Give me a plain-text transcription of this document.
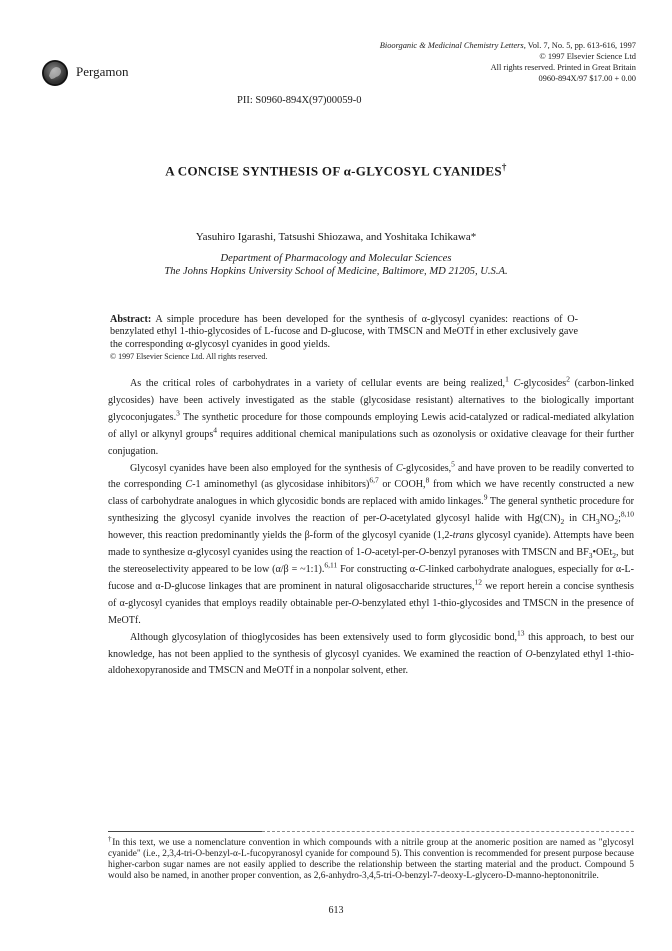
Pergamon
Bioorganic & Medicinal Chemistry Letters, Vol. 7, No. 5, pp. 613-616, 1997
© 1997 Elsevier Science Ltd
All rights reserved. Printed in Great Britain
0960-894X/97 $17.00 + 0.00
PII: S0960-894X(97)00059-0
A CONCISE SYNTHESIS OF α-GLYCOSYL CYANIDES†
Yasuhiro Igarashi, Tatsushi Shiozawa, and Yoshitaka Ichikawa*
Department of Pharmacology and Molecular Sciences
The Johns Hopkins University School of Medicine, Baltimore, MD 21205, U.S.A.
Abstract: A simple procedure has been developed for the synthesis of α-glycosyl cyanides: reactions of O-benzylated ethyl 1-thio-glycosides of L-fucose and D-glucose, with TMSCN and MeOTf in ether exclusively gave the corresponding α-glycosyl cyanides in good yields.
© 1997 Elsevier Science Ltd. All rights reserved.

As the critical roles of carbohydrates in a variety of cellular events are being realized,$^1$ C-glycosides$^2$ (carbon-linked glycosides) have been actively investigated as the stable (glycosidase resistant) alternatives to the biologically important glycoconjugates.$^3$ The synthetic procedure for those compounds employing Lewis acid-catalyzed or radical-mediated alkylation of allyl or alkynyl groups$^4$ requires additional chemical manipulations such as ozonolysis or oxidative cleavage for their further conjugation.

Glycosyl cyanides have been also employed for the synthesis of C-glycosides,$^5$ and have proven to be readily converted to the corresponding C-1 aminomethyl (as glycosidase inhibitors)$^{6,7}$ or COOH,$^8$ from which we have recently constructed a new class of carbohydrate analogues in which glycosidic bonds are replaced with amido linkages.$^9$ The general synthetic procedure for synthesizing the glycosyl cyanide involves the reaction of per-O-acetylated glycosyl halide with $Hg(CN)_2$ in $CH_3NO_2;^{8,10}$ however, this reaction predominantly yields the β-form of the glycosyl cyanide (1,2-trans glycosyl cyanide). Attempts have been made to synthesize α-glycosyl cyanides using the reaction of 1-O-acetyl-per-O-benzyl pyranoses with TMSCN and $BF_3•OEt_2$, but the stereoselectivity appeared to be low (α/β = ~1:1).$^{6,11}$ For constructing α-C-linked carbohydrate analogues, especially for α-L-fucose and α-D-glucose linkages that are prominent in natural oligosaccharide structures,$^{12}$ we report herein a concise synthesis of α-glycosyl cyanides that employs readily obtainable per-O-benzylated ethyl 1-thio-glycosides and TMSCN in the presence of MeOTf.

Although glycosylation of thioglycosides has been extensively used to form glycosidic bond,$^{13}$ this approach, to best our knowledge, has not been applied to the synthesis of glycosyl cyanides. We examined the reaction of O-benzylated ethyl 1-thio-aldohexopyranoside and TMSCN and MeOTf in a nonpolar solvent, ether.

†In this text, we use a nomenclature convention in which compounds with a nitrile group at the anomeric position are named as "glycosyl cyanide" (i.e., 2,3,4-tri-O-benzyl-α-L-fucopyranosyl cyanide for compound 5). This convention is recommended for present purpose because higher-carbon sugar names are not easily applied to describe the relationship between the starting material and the product. Compound 5 would also be named, in another proper convention, as 2,6-anhydro-3,4,5-tri-O-benzyl-7-deoxy-L-glycero-D-manno-heptononitrile.
613
